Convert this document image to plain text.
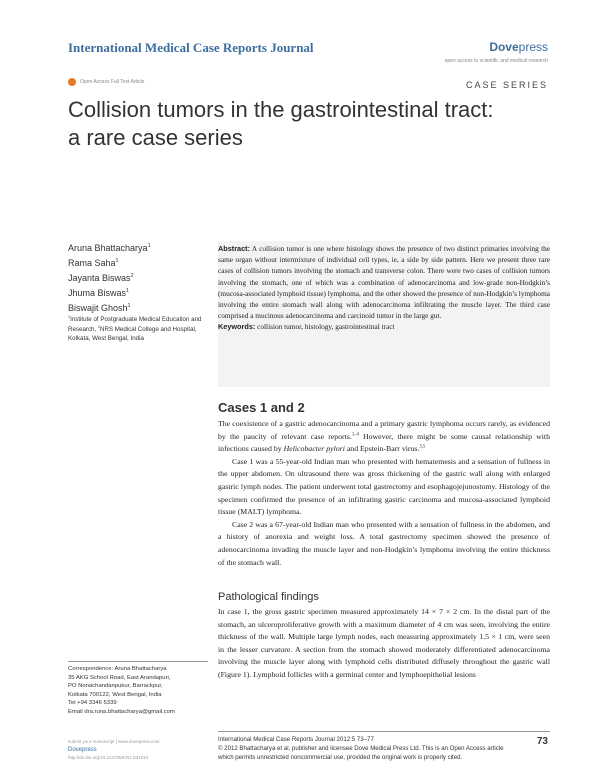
International Medical Case Reports Journal	Dovepress
open access to scientific and medical research
Open Access Full Text Article	CASE SERIES
Collision tumors in the gastrointestinal tract:
a rare case series
Aruna Bhattacharya$^1$
Rama Saha$^1$
Jayanta Biswas$^2$
Jhuma Biswas$^1$
Biswajit Ghosh$^1$
$^1$Institute of Postgraduate Medical Education and Research, $^2$NRS Medical College and Hospital, Kolkata, West Bengal, India

Abstract: A collision tumor is one where histology shows the presence of two distinct primaries involving the same organ without intermixture of individual cell types, ie, a side by side pattern. Here we present three rare cases of collision tumors involving the stomach and transverse colon. There were two cases of collision tumors involving the stomach, one of which was a combination of adenocarcinoma and low-grade non-Hodgkin’s (mucosa-associated lymphoid tissue) lymphoma, and the other showed the presence of non-Hodgkin’s lymphoma involving the entire stomach wall along with adenocarcinoma infiltrating the muscle layer. The third case comprised a mucinous adenocarcinoma and carcinoid tumor in the large gut.

Keywords: collision tumor, histology, gastrointestinal tract

Cases 1 and 2

The coexistence of a gastric adenocarcinoma and a primary gastric lymphoma occurs rarely, as evidenced by the paucity of relevant case reports.$^{1-4}$ However, there might be some causal relationship with infections caused by Helicobacter pylori and Epstein-Barr virus.$^{3,5}$

Case 1 was a 55-year-old Indian man who presented with hematemesis and a sensation of fullness in the upper abdomen. On ultrasound there was gross thickening of the gastric wall along with enlarged gastric lymph nodes. The patient underwent total gastrectomy and esophagojejunostomy. Histology of the specimen confirmed the presence of an infiltrating gastric carcinoma and mucosa-associated lymphoid tissue (MALT) lymphoma.

Case 2 was a 67-year-old Indian man who presented with a sensation of fullness in the abdomen, and a history of anorexia and weight loss. A total gastrectomy specimen showed the presence of adenocarcinoma invading the muscle layer and non-Hodgkin’s lymphoma involving the entire thickness of the stomach wall.

Pathological findings

In case 1, the gross gastric specimen measured approximately 14 × 7 × 2 cm. In the distal part of the stomach, an ulceroproliferative growth with a maximum diameter of 4 cm was seen, involving the entire thickness of the wall. Multiple large lymph nodes, each measuring approximately 1.5 × 1 cm, were seen in the lesser curvature. A section from the stomach showed moderately differentiated adenocarcinoma involving the muscle layer along with lymphoid cells distributed diffusely throughout the gastric wall (Figure 1). Lymphoid follicles with a germinal center and lymphoepithelial lesions

Correspondence: Aruna Bhattacharya
35 AKG School Road, East Arandapuri,
PO Nonachandanpukur, Barrackpur,
Kolkata 700122, West Bengal, India
Tel +94 3346 5339
Email dra.runa.bhattacharya@gmail.com
submit your manuscript | www.dovepress.com
Dovepress
http://dx.doi.org/10.2147/IMCRJ.S31010
International Medical Case Reports Journal 2012:5 73–77
© 2012 Bhattacharya et al, publisher and licensee Dove Medical Press Ltd. This is an Open Access article which permits unrestricted noncommercial use, provided the original work is properly cited.
73
